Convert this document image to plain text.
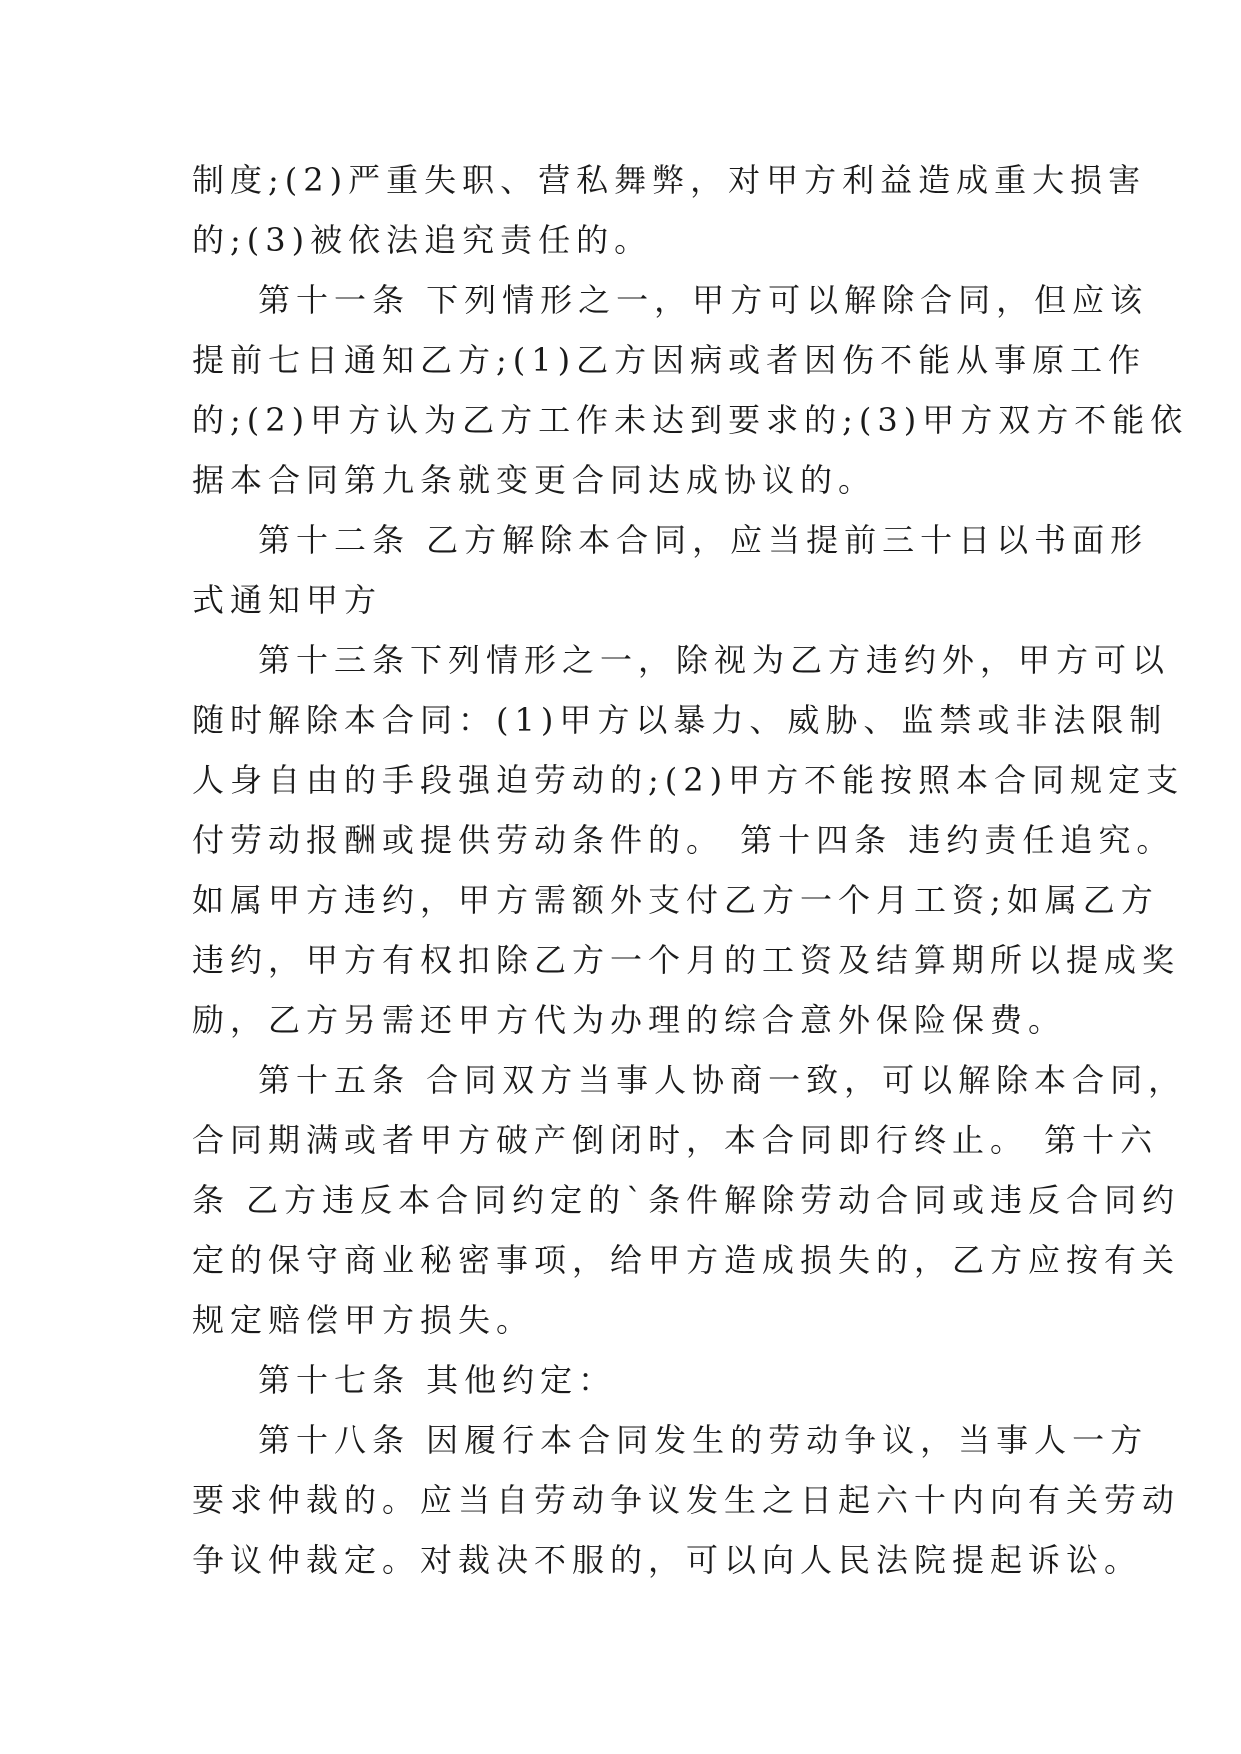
制度;(2)严重失职、营私舞弊，对甲方利益造成重大损害
的;(3)被依法追究责任的。
第十一条 下列情形之一，甲方可以解除合同，但应该
提前七日通知乙方;(1)乙方因病或者因伤不能从事原工作
的;(2)甲方认为乙方工作未达到要求的;(3)甲方双方不能依
据本合同第九条就变更合同达成协议的。
第十二条 乙方解除本合同，应当提前三十日以书面形
式通知甲方
第十三条下列情形之一，除视为乙方违约外，甲方可以
随时解除本合同：(1)甲方以暴力、威胁、监禁或非法限制
人身自由的手段强迫劳动的;(2)甲方不能按照本合同规定支
付劳动报酬或提供劳动条件的。 第十四条 违约责任追究。
如属甲方违约，甲方需额外支付乙方一个月工资;如属乙方
违约，甲方有权扣除乙方一个月的工资及结算期所以提成奖
励，乙方另需还甲方代为办理的综合意外保险保费。
第十五条 合同双方当事人协商一致，可以解除本合同，
合同期满或者甲方破产倒闭时，本合同即行终止。 第十六
条 乙方违反本合同约定的`条件解除劳动合同或违反合同约
定的保守商业秘密事项，给甲方造成损失的，乙方应按有关
规定赔偿甲方损失。
第十七条 其他约定：
第十八条 因履行本合同发生的劳动争议，当事人一方
要求仲裁的。应当自劳动争议发生之日起六十内向有关劳动
争议仲裁定。对裁决不服的，可以向人民法院提起诉讼。
